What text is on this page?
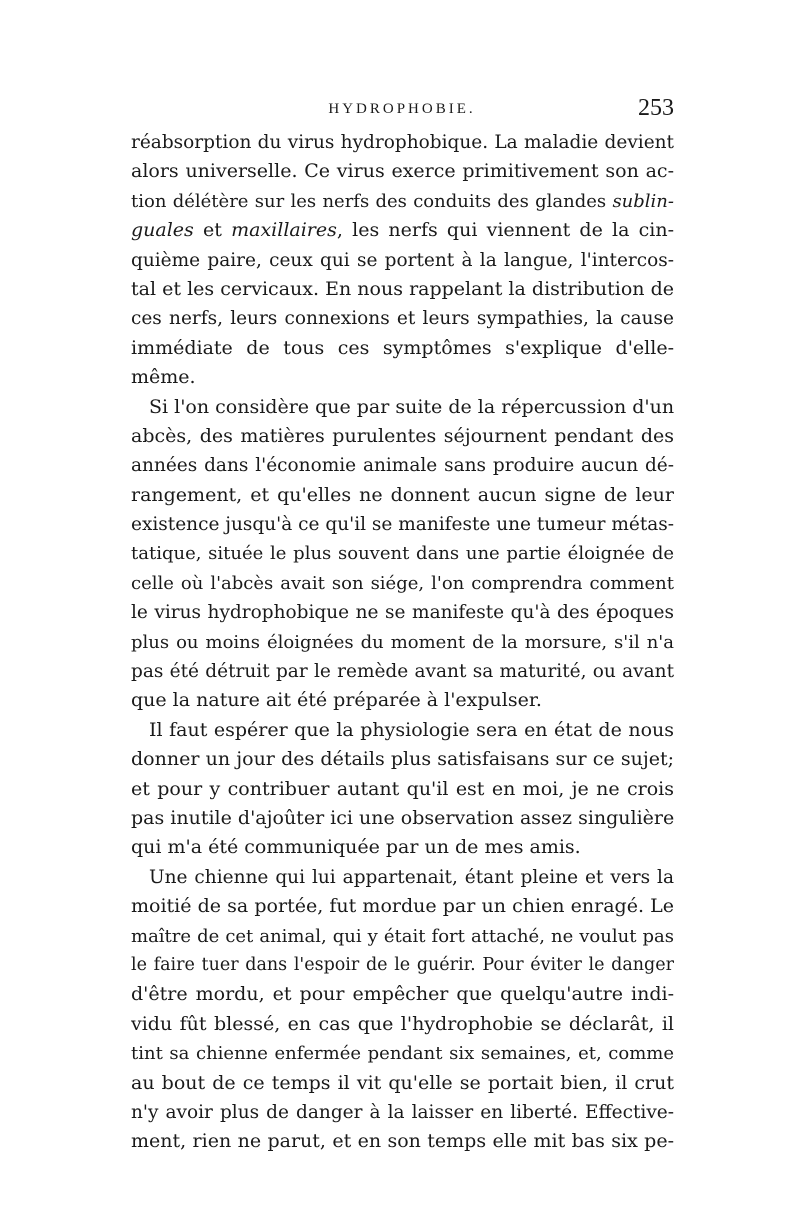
HYDROPHOBIE.	253
réabsorption du virus hydrophobique. La maladie devient
alors universelle. Ce virus exerce primitivement son ac-
tion délétère sur les nerfs des conduits des glandes sublin-
guales et maxillaires, les nerfs qui viennent de la cin-
quième paire, ceux qui se portent à la langue, l'intercos-
tal et les cervicaux. En nous rappelant la distribution de
ces nerfs, leurs connexions et leurs sympathies, la cause
immédiate de tous ces symptômes s'explique d'elle-
même.
Si l'on considère que par suite de la répercussion d'un
abcès, des matières purulentes séjournent pendant des
années dans l'économie animale sans produire aucun dé-
rangement, et qu'elles ne donnent aucun signe de leur
existence jusqu'à ce qu'il se manifeste une tumeur métas-
tatique, située le plus souvent dans une partie éloignée de
celle où l'abcès avait son siége, l'on comprendra comment
le virus hydrophobique ne se manifeste qu'à des époques
plus ou moins éloignées du moment de la morsure, s'il n'a
pas été détruit par le remède avant sa maturité, ou avant
que la nature ait été préparée à l'expulser.
Il faut espérer que la physiologie sera en état de nous
donner un jour des détails plus satisfaisans sur ce sujet;
et pour y contribuer autant qu'il est en moi, je ne crois
pas inutile d'ajoûter ici une observation assez singulière
qui m'a été communiquée par un de mes amis.
Une chienne qui lui appartenait, étant pleine et vers la
moitié de sa portée, fut mordue par un chien enragé. Le
maître de cet animal, qui y était fort attaché, ne voulut pas
le faire tuer dans l'espoir de le guérir. Pour éviter le danger
d'être mordu, et pour empêcher que quelqu'autre indi-
vidu fût blessé, en cas que l'hydrophobie se déclarât, il
tint sa chienne enfermée pendant six semaines, et, comme
au bout de ce temps il vit qu'elle se portait bien, il crut
n'y avoir plus de danger à la laisser en liberté. Effective-
ment, rien ne parut, et en son temps elle mit bas six pe-
